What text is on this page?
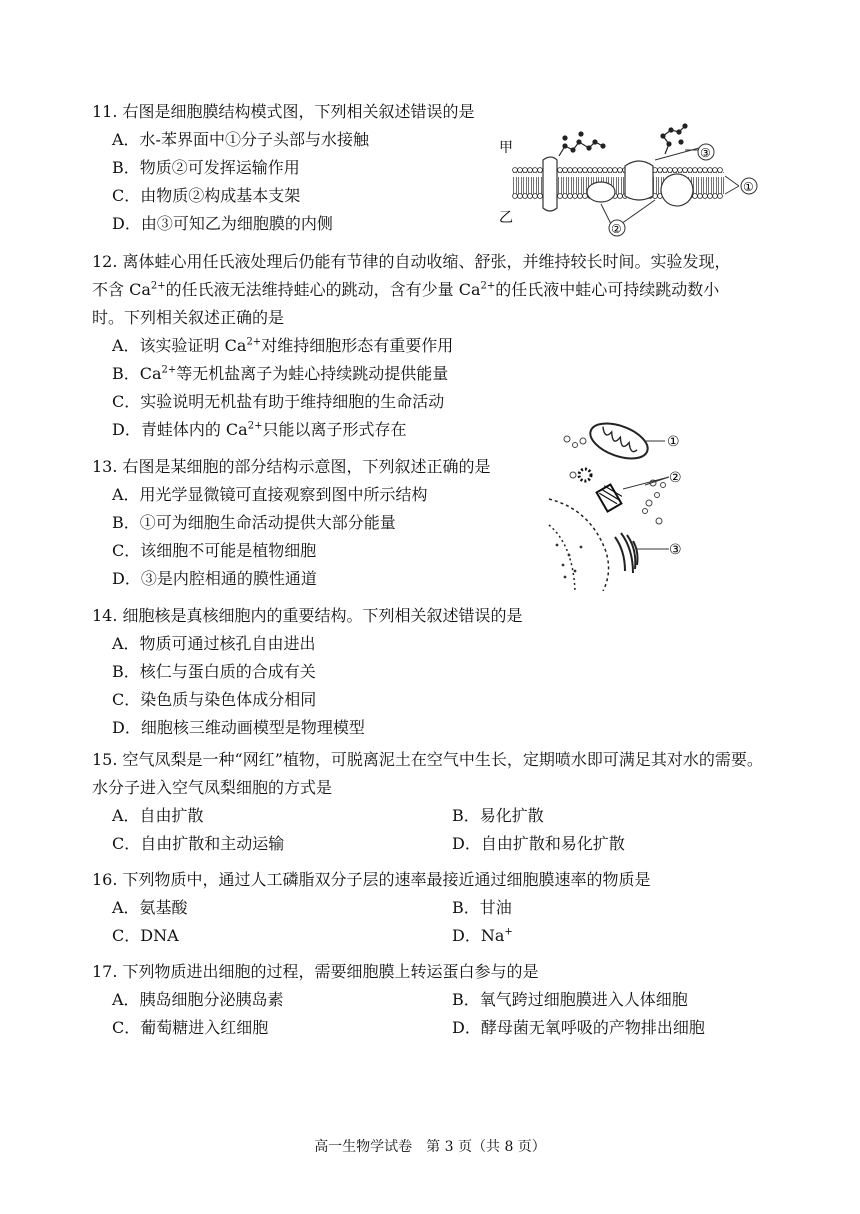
11. 右图是细胞膜结构模式图，下列相关叙述错误的是
A．水-苯界面中①分子头部与水接触
B．物质②可发挥运输作用
C．由物质②构成基本支架
D．由③可知乙为细胞膜的内侧
甲
乙
③
①
②
12. 离体蛙心用任氏液处理后仍能有节律的自动收缩、舒张，并维持较长时间。实验发现，
不含 $Ca^{2+}$的任氏液无法维持蛙心的跳动，含有少量 $Ca^{2+}$的任氏液中蛙心可持续跳动数小
时。下列相关叙述正确的是
A．该实验证明 $Ca^{2+}$对维持细胞形态有重要作用
B．$Ca^{2+}$等无机盐离子为蛙心持续跳动提供能量
C．实验说明无机盐有助于维持细胞的生命活动
D．青蛙体内的 $Ca^{2+}$只能以离子形式存在
13. 右图是某细胞的部分结构示意图，下列叙述正确的是
A．用光学显微镜可直接观察到图中所示结构
B．①可为细胞生命活动提供大部分能量
C．该细胞不可能是植物细胞
D．③是内腔相通的膜性通道
①
②
③
14. 细胞核是真核细胞内的重要结构。下列相关叙述错误的是
A．物质可通过核孔自由进出
B．核仁与蛋白质的合成有关
C．染色质与染色体成分相同
D．细胞核三维动画模型是物理模型
15. 空气凤梨是一种“网红”植物，可脱离泥土在空气中生长，定期喷水即可满足其对水的需要。水分子进入空气凤梨细胞的方式是
A．自由扩散	B．易化扩散
C．自由扩散和主动运输	D．自由扩散和易化扩散
16. 下列物质中，通过人工磷脂双分子层的速率最接近通过细胞膜速率的物质是
A．氨基酸	B．甘油
C．DNA	D．Na+
17. 下列物质进出细胞的过程，需要细胞膜上转运蛋白参与的是
A．胰岛细胞分泌胰岛素	B．氧气跨过细胞膜进入人体细胞
C．葡萄糖进入红细胞	D．酵母菌无氧呼吸的产物排出细胞
高一生物学试卷　第 3 页（共 8 页）
